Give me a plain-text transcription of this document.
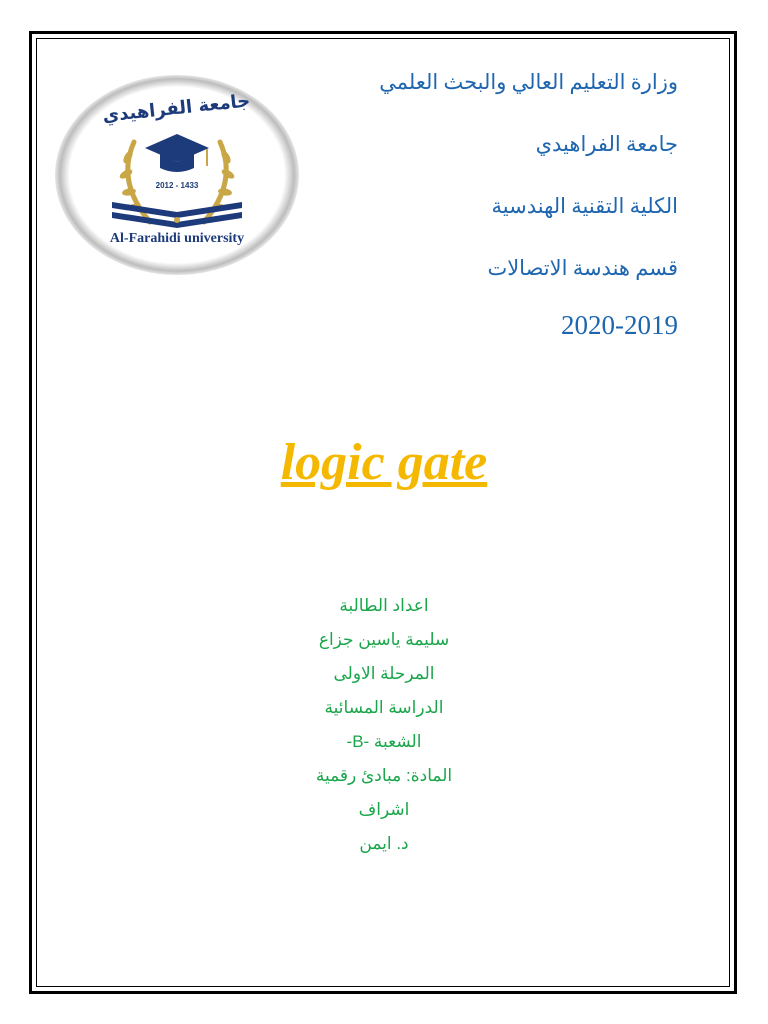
2012 - 1433
جامعة الفراهيدي
Al-Farahidi university
وزارة التعليم العالي والبحث العلمي
جامعة الفراهيدي
الكلية التقنية الهندسية
قسم هندسة الاتصالات
2020-2019
logic gate
اعداد الطالبة
سليمة ياسين جزاع
المرحلة الاولى
الدراسة المسائية
الشعبة -B-
المادة: مبادئ رقمية
اشراف
د. ايمن
